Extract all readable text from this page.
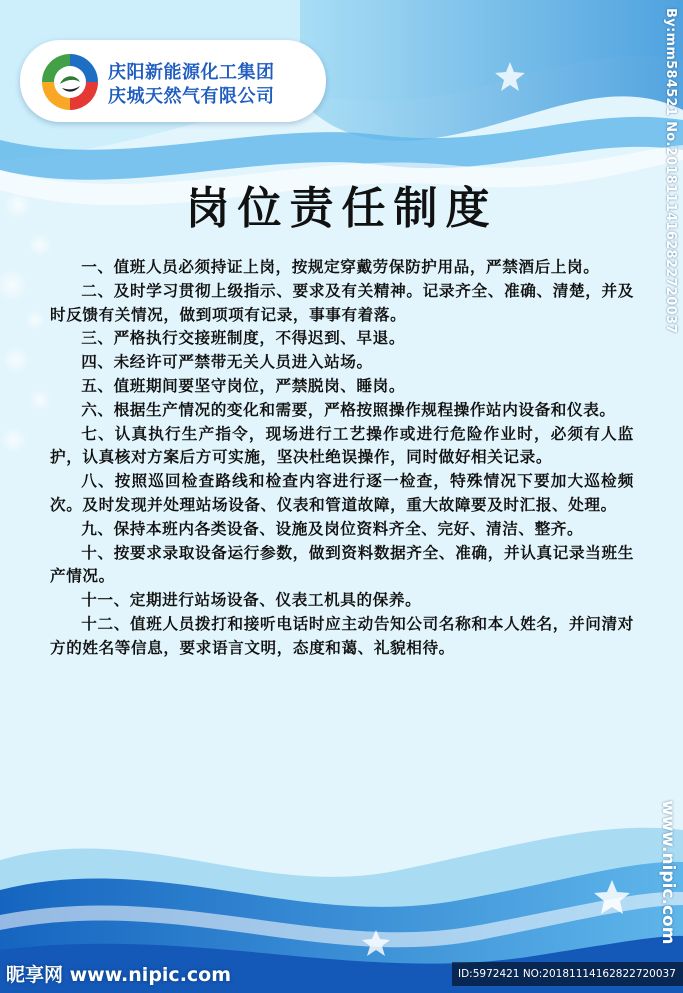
庆阳新能源化工集团
庆城天然气有限公司
岗位责任制度

一、值班人员必须持证上岗，按规定穿戴劳保防护用品，严禁酒后上岗。

二、及时学习贯彻上级指示、要求及有关精神。记录齐全、准确、清楚，并及时反馈有关情况，做到项项有记录，事事有着落。

三、严格执行交接班制度，不得迟到、早退。

四、未经许可严禁带无关人员进入站场。

五、值班期间要坚守岗位，严禁脱岗、睡岗。

六、根据生产情况的变化和需要，严格按照操作规程操作站内设备和仪表。

七、认真执行生产指令，现场进行工艺操作或进行危险作业时，必须有人监护，认真核对方案后方可实施，坚决杜绝误操作，同时做好相关记录。

八、按照巡回检查路线和检查内容进行逐一检查，特殊情况下要加大巡检频次。及时发现并处理站场设备、仪表和管道故障，重大故障要及时汇报、处理。

九、保持本班内各类设备、设施及岗位资料齐全、完好、清洁、整齐。

十、按要求录取设备运行参数，做到资料数据齐全、准确，并认真记录当班生产情况。

十一、定期进行站场设备、仪表工机具的保养。

十二、值班人员拨打和接听电话时应主动告知公司名称和本人姓名，并问清对方的姓名等信息，要求语言文明，态度和蔼、礼貌相待。

By:mm584521 No.20181114162822720037
www.nipic.com
昵享网 www.nipic.com	ID:5972421 NO:20181114162822720037
